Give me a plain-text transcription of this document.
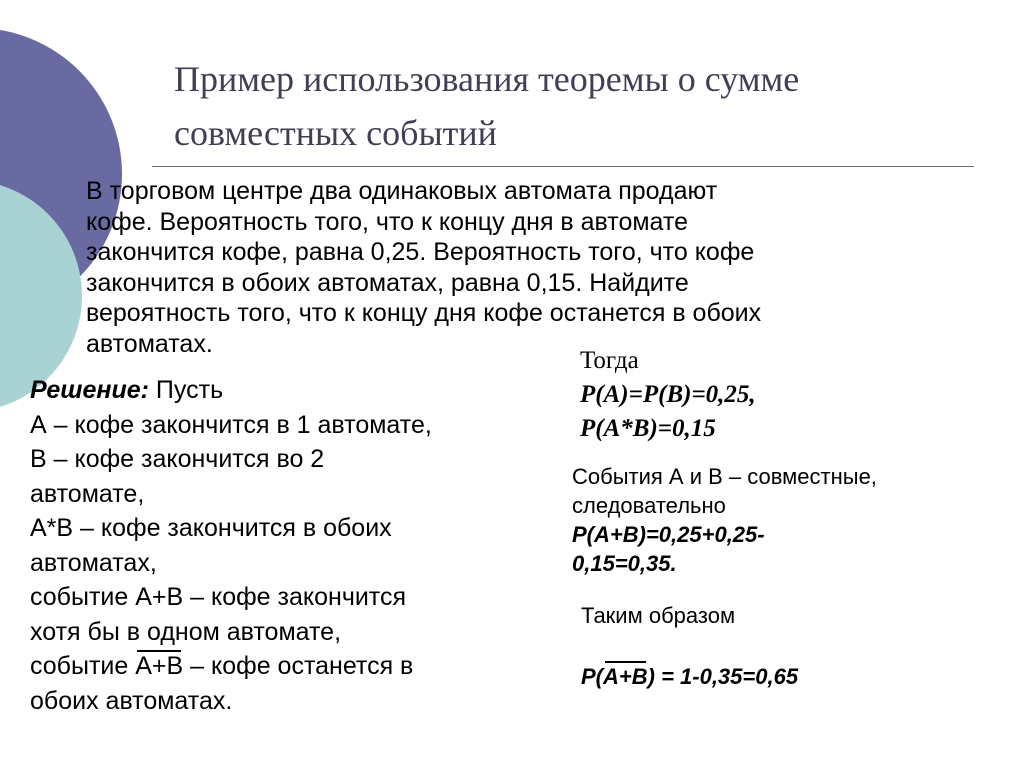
Пример использования теоремы о сумме
совместных событий
В торговом центре два одинаковых автомата продают
кофе. Вероятность того, что к концу дня в автомате
закончится кофе, равна 0,25. Вероятность того, что кофе
закончится в обоих автоматах, равна 0,15. Найдите
вероятность того, что к концу дня кофе останется в обоих
автоматах.
Решение: Пусть
А – кофе закончится в 1 автомате,
В – кофе закончится во 2
автомате,
А*В – кофе закончится в обоих
автоматах,
событие А+В – кофе закончится
хотя бы в одном автомате,
событие
А+В – кофе останется в
обоих автоматах.
Тогда
P(A)=P(B)=0,25,
P(A*B)=0,15
События А и В – совместные,
следовательно
P(A+B)=0,25+0,25-
0,15=0,35.
Таким образом
P(
A+B) = 1-0,35=0,65
